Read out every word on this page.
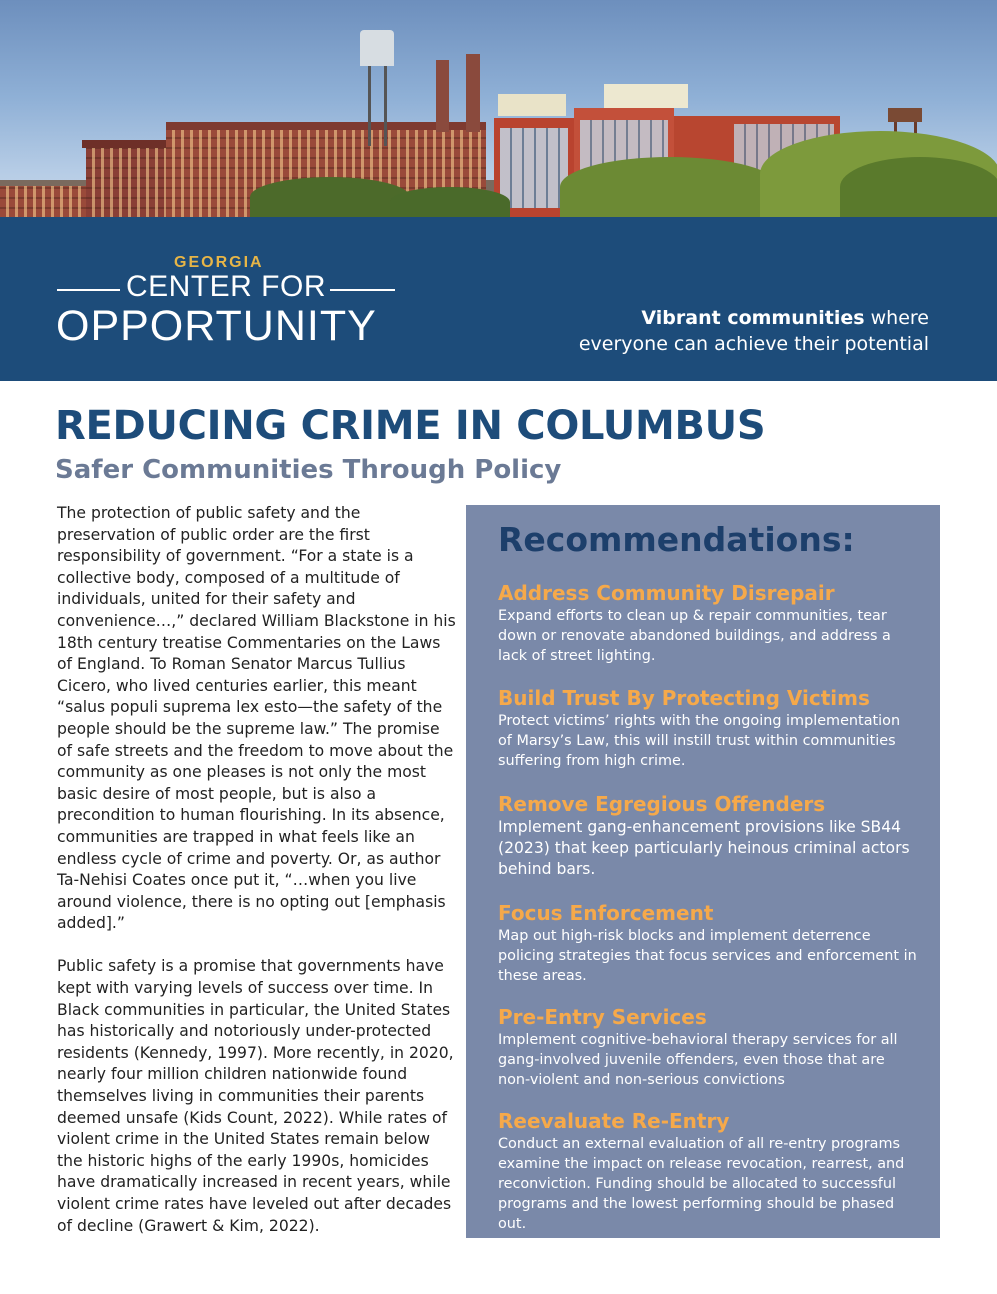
GEORGIA
CENTER FOR
OPPORTUNITY	Vibrant communities where
everyone can achieve their potential
REDUCING CRIME IN COLUMBUS
Safer Communities Through Policy

The protection of public safety and the preservation of public order are the first responsibility of government. “For a state is a collective body, composed of a multitude of individuals, united for their safety and convenience…,” declared William Blackstone in his 18th century treatise Commentaries on the Laws of England. To Roman Senator Marcus Tullius Cicero, who lived centuries earlier, this meant “salus populi suprema lex esto—the safety of the people should be the supreme law.” The promise of safe streets and the freedom to move about the community as one pleases is not only the most basic desire of most people, but is also a precondition to human flourishing. In its absence, communities are trapped in what feels like an endless cycle of crime and poverty. Or, as author Ta-Nehisi Coates once put it, “…when you live around violence, there is no opting out [emphasis added].”

Public safety is a promise that governments have kept with varying levels of success over time. In Black communities in particular, the United States has historically and notoriously under-protected residents (Kennedy, 1997). More recently, in 2020, nearly four million children nationwide found themselves living in communities their parents deemed unsafe (Kids Count, 2022). While rates of violent crime in the United States remain below the historic highs of the early 1990s, homicides have dramatically increased in recent years, while violent crime rates have leveled out after decades of decline (Grawert & Kim, 2022).

Recommendations:
Address Community Disrepair
Expand efforts to clean up & repair communities, tear down or renovate abandoned buildings, and address a lack of street lighting.
Build Trust By Protecting Victims
Protect victims’ rights with the ongoing implementation of Marsy’s Law, this will instill trust within communities suffering from high crime.
Remove Egregious Offenders
Implement gang-enhancement provisions like SB44 (2023) that keep particularly heinous criminal actors behind bars.
Focus Enforcement
Map out high-risk blocks and implement deterrence policing strategies that focus services and enforcement in these areas.
Pre-Entry Services
Implement cognitive-behavioral therapy services for all gang-involved juvenile offenders, even those that are non-violent and non-serious convictions
Reevaluate Re-Entry
Conduct an external evaluation of all re-entry programs examine the impact on release revocation, rearrest, and reconviction. Funding should be allocated to successful programs and the lowest performing should be phased out.
